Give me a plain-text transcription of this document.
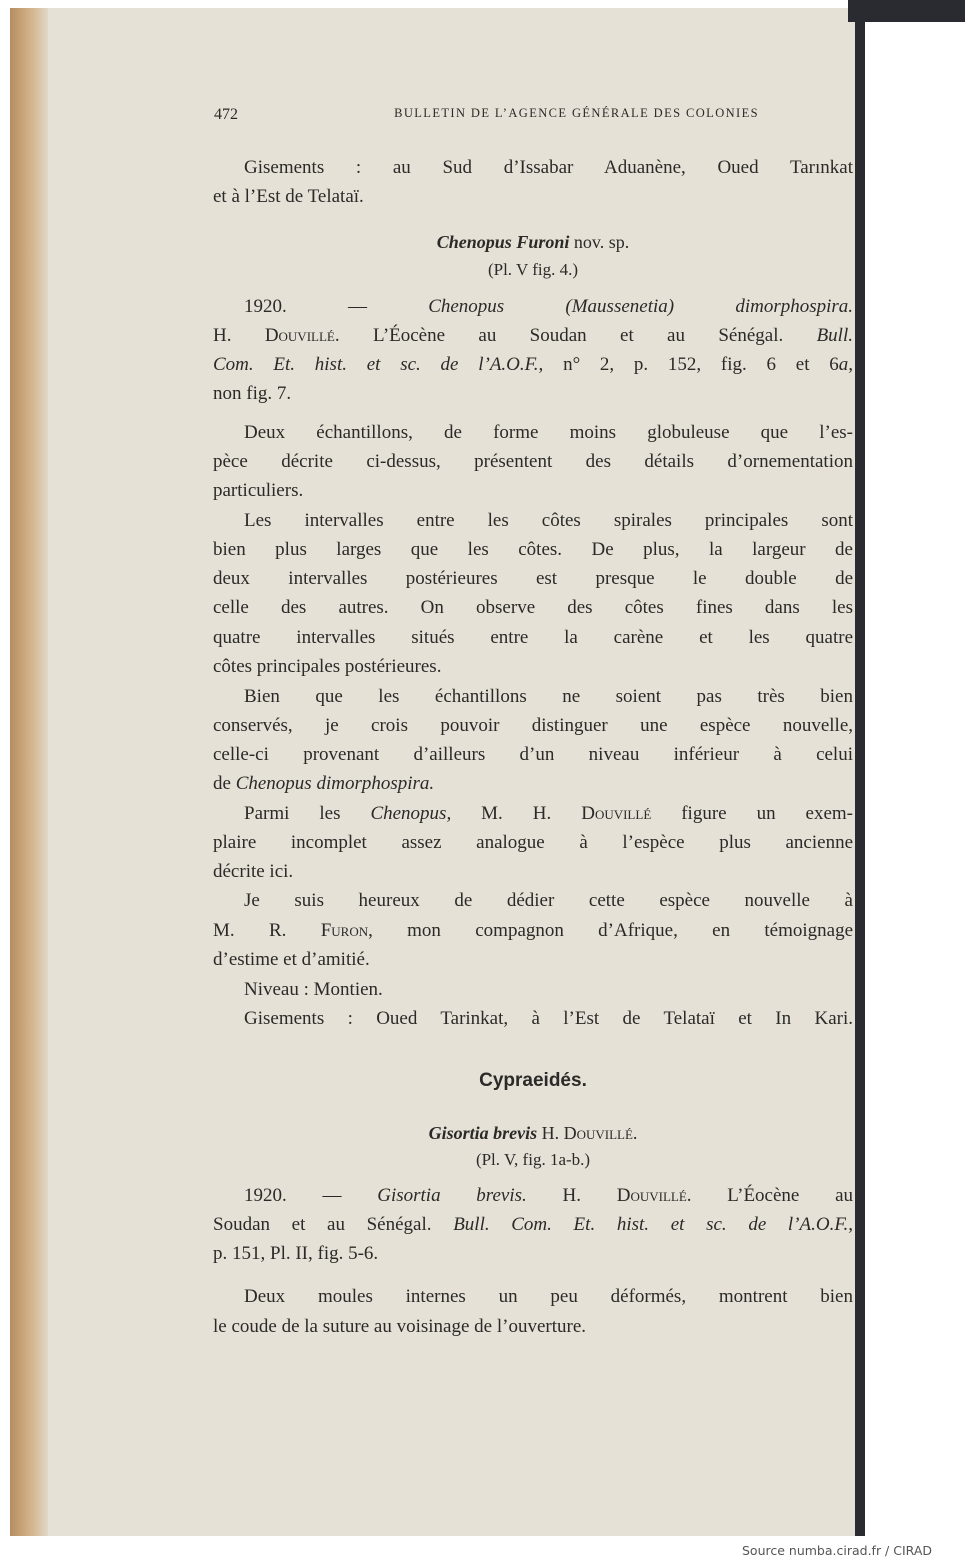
472	BULLETIN DE L’AGENCE GÉNÉRALE DES COLONIES
Gisements : au Sud d’Issabar Aduanène, Oued Tarınkat
et à l’Est de Telataï.
Chenopus Furoni nov. sp.
(Pl. V fig. 4.)
1920. —	Chenopus	(Maussenetia)	dimorphospira.
H. Douvillé. L’Éocène au Soudan et au Sénégal. Bull.
Com. Et. hist. et sc. de l’A.O.F., n° 2, p. 152, fig. 6 et 6a,
non fig. 7.
Deux échantillons, de forme moins globuleuse que l’es-
pèce décrite ci-dessus, présentent des détails d’ornementation
particuliers.
Les intervalles entre les côtes spirales principales sont
bien plus larges que les côtes. De plus, la largeur de
deux intervalles postérieures est presque le double de
celle des autres. On observe des côtes fines dans les
quatre intervalles situés entre la carène et les quatre
côtes principales postérieures.
Bien que les échantillons ne soient pas très bien
conservés, je crois pouvoir distinguer une espèce nouvelle,
celle-ci provenant d’ailleurs d’un niveau inférieur à celui
de Chenopus dimorphospira.
Parmi les Chenopus, M. H. Douvillé figure un exem-
plaire incomplet assez analogue à l’espèce plus ancienne
décrite ici.
Je suis heureux de dédier cette espèce nouvelle à
M. R. Furon, mon compagnon d’Afrique, en témoignage
d’estime et d’amitié.
Niveau : Montien.
Gisements : Oued Tarinkat, à l’Est de Telataï et In Kari.
Cypraeidés.
Gisortia brevis H. Douvillé.
(Pl. V, fig. 1a-b.)
1920. — Gisortia brevis. H. Douvillé. L’Éocène au
Soudan et au Sénégal. Bull. Com. Et. hist. et sc. de l’A.O.F.,
p. 151, Pl. II, fig. 5-6.
Deux moules internes un peu déformés, montrent bien
le coude de la suture au voisinage de l’ouverture.
Source numba.cirad.fr / CIRAD
